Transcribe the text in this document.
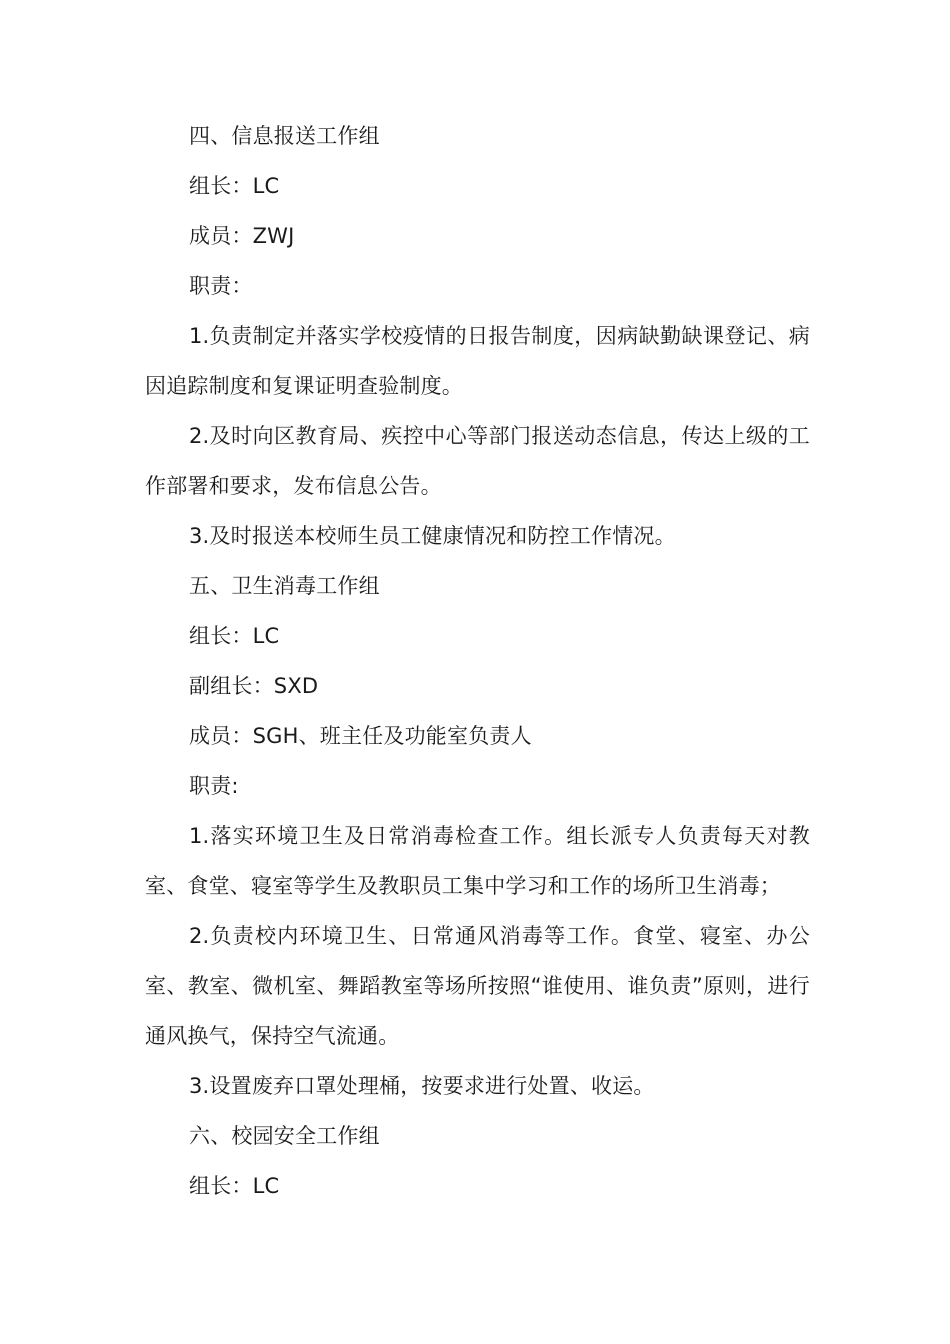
四、信息报送工作组

组长：LC

成员：ZWJ

职责：

1.负责制定并落实学校疫情的日报告制度，因病缺勤缺课登记、病因追踪制度和复课证明查验制度。

2.及时向区教育局、疾控中心等部门报送动态信息，传达上级的工作部署和要求，发布信息公告。

3.及时报送本校师生员工健康情况和防控工作情况。

五、卫生消毒工作组

组长：LC

副组长：SXD

成员：SGH、班主任及功能室负责人

职责:

1.落实环境卫生及日常消毒检查工作。组长派专人负责每天对教室、食堂、寝室等学生及教职员工集中学习和工作的场所卫生消毒；

2.负责校内环境卫生、日常通风消毒等工作。食堂、寝室、办公室、教室、微机室、舞蹈教室等场所按照“谁使用、谁负责”原则，进行通风换气，保持空气流通。

3.设置废弃口罩处理桶，按要求进行处置、收运。

六、校园安全工作组

组长：LC
